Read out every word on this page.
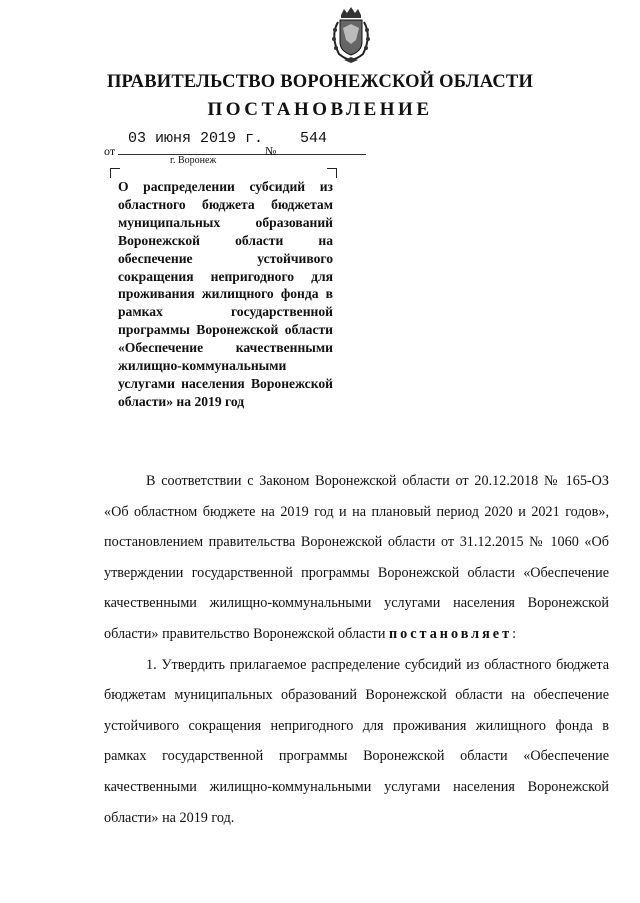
ПРАВИТЕЛЬСТВО ВОРОНЕЖСКОЙ ОБЛАСТИ
ПОСТАНОВЛЕНИЕ
от
03 июня 2019 г.
№
544
г. Воронеж
О распределении субсидий из областного бюджета бюджетам муниципальных образований Воронежской области на обеспечение устойчивого сокращения непригодного для проживания жилищного фонда в рамках государственной программы Воронежской области «Обеспечение качественными жилищно-коммунальными услугами населения Воронежской области» на 2019 год

В соответствии с Законом Воронежской области от 20.12.2018 № 165-ОЗ «Об областном бюджете на 2019 год и на плановый период 2020 и 2021 годов», постановлением правительства Воронежской области от 31.12.2015 № 1060 «Об утверждении государственной программы Воронежской области «Обеспечение качественными жилищно-коммунальными услугами населения Воронежской области» правительство Воронежской области постановляет:

1. Утвердить прилагаемое распределение субсидий из областного бюджета бюджетам муниципальных образований Воронежской области на обеспечение устойчивого сокращения непригодного для проживания жилищного фонда в рамках государственной программы Воронежской области «Обеспечение качественными жилищно-коммунальными услугами населения Воронежской области» на 2019 год.
